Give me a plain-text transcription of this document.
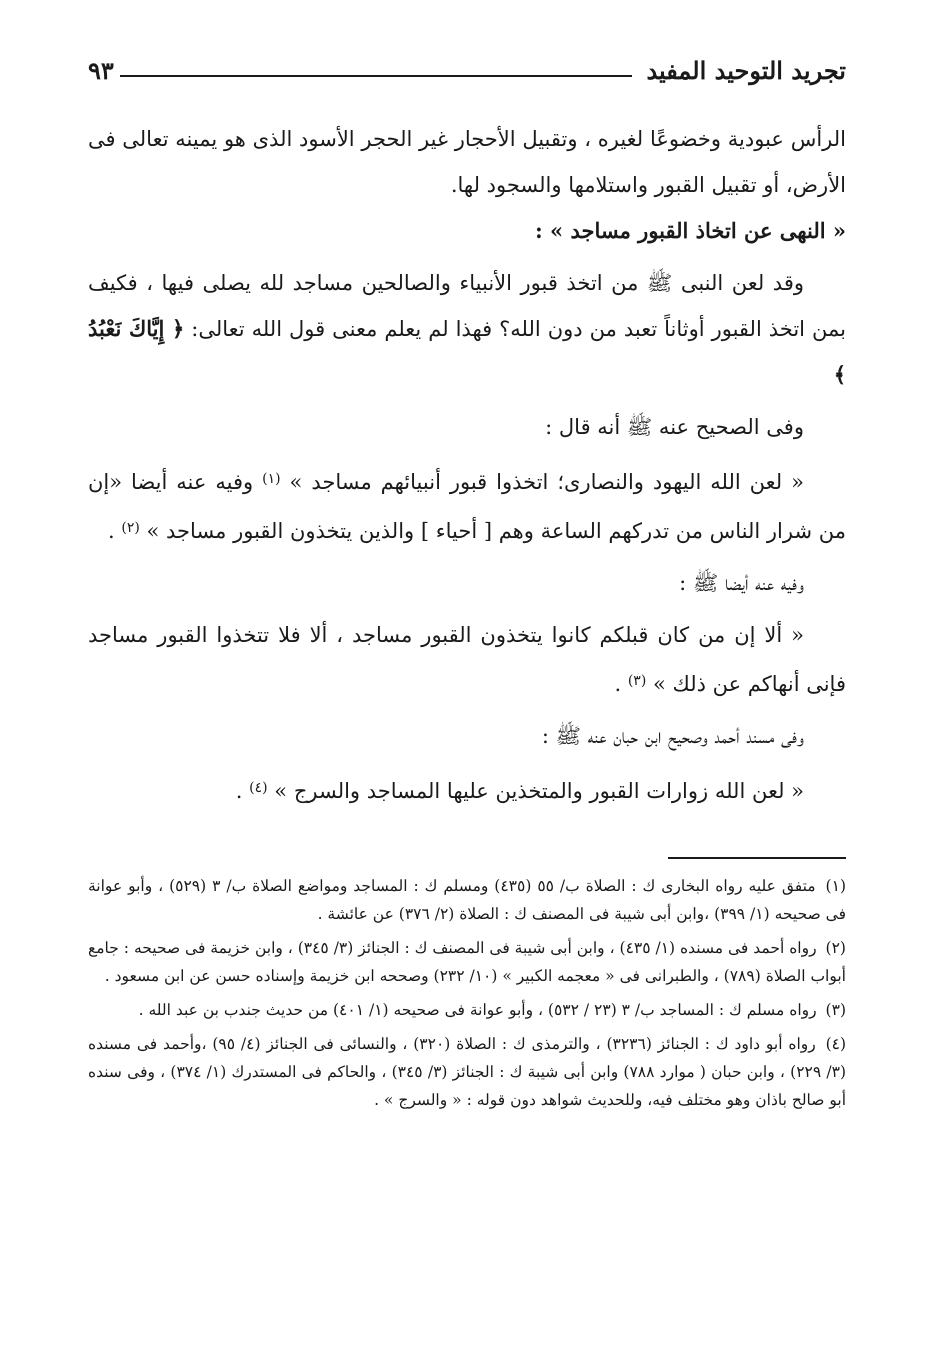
تجريد التوحيد المفيد
٩٣

الرأس عبودية وخضوعًا لغيره ، وتقبيل الأحجار غير الحجر الأسود الذى هو يمينه تعالى فى الأرض، أو تقبيل القبور واستلامها والسجود لها.

« النهى عن اتخاذ القبور مساجد » :

وقد لعن النبى ﷺ من اتخذ قبور الأنبياء والصالحين مساجد لله يصلى فيها ، فكيف بمن اتخذ القبور أوثاناً تعبد من دون الله؟ فهذا لم يعلم معنى قول الله تعالى: ﴿ إِيَّاكَ نَعْبُدُ ﴾

وفى الصحيح عنه ﷺ أنه قال :

« لعن الله اليهود والنصارى؛ اتخذوا قبور أنبيائهم مساجد » $^{(١)}$ وفيه عنه أيضا «إن من شرار الناس من تدركهم الساعة وهم [ أحياء ] والذين يتخذون القبور مساجد » $^{(٢)}$ .

وفيه عنه أيضا ﷺ :

« ألا إن من كان قبلكم كانوا يتخذون القبور مساجد ، ألا فلا تتخذوا القبور مساجد فإنى أنهاكم عن ذلك » $^{(٣)}$ .

وفى مسند أحمد وصحيح ابن حبان عنه ﷺ :

« لعن الله زوارات القبور والمتخذين عليها المساجد والسرج » $^{(٤)}$ .

(١) متفق عليه رواه البخارى ك : الصلاة ب/ ٥٥ (٤٣٥) ومسلم ك : المساجد ومواضع الصلاة ب/ ٣ (٥٢٩) ، وأبو عوانة فى صحيحه (١/ ٣٩٩) ،وابن أبى شيبة فى المصنف ك : الصلاة (٢/ ٣٧٦) عن عائشة .

(٢) رواه أحمد فى مسنده (١/ ٤٣٥) ، وابن أبى شيبة فى المصنف ك : الجنائز (٣/ ٣٤٥) ، وابن خزيمة فى صحيحه : جامع أبواب الصلاة (٧٨٩) ، والطبرانى فى « معجمه الكبير » (١٠/ ٢٣٢) وصححه ابن خزيمة وإسناده حسن عن ابن مسعود .

(٣) رواه مسلم ك : المساجد ب/ ٣ (٢٣ / ٥٣٢) ، وأبو عوانة فى صحيحه (١/ ٤٠١) من حديث جندب بن عبد الله .

(٤) رواه أبو داود ك : الجنائز (٣٢٣٦) ، والترمذى ك : الصلاة (٣٢٠) ، والنسائى فى الجنائز (٤/ ٩٥) ،وأحمد فى مسنده (٣/ ٢٢٩) ، وابن حبان ( موارد ٧٨٨) وابن أبى شيبة ك : الجنائز (٣/ ٣٤٥) ، والحاكم فى المستدرك (١/ ٣٧٤) ، وفى سنده أبو صالح باذان وهو مختلف فيه، وللحديث شواهد دون قوله : « والسرج » .
